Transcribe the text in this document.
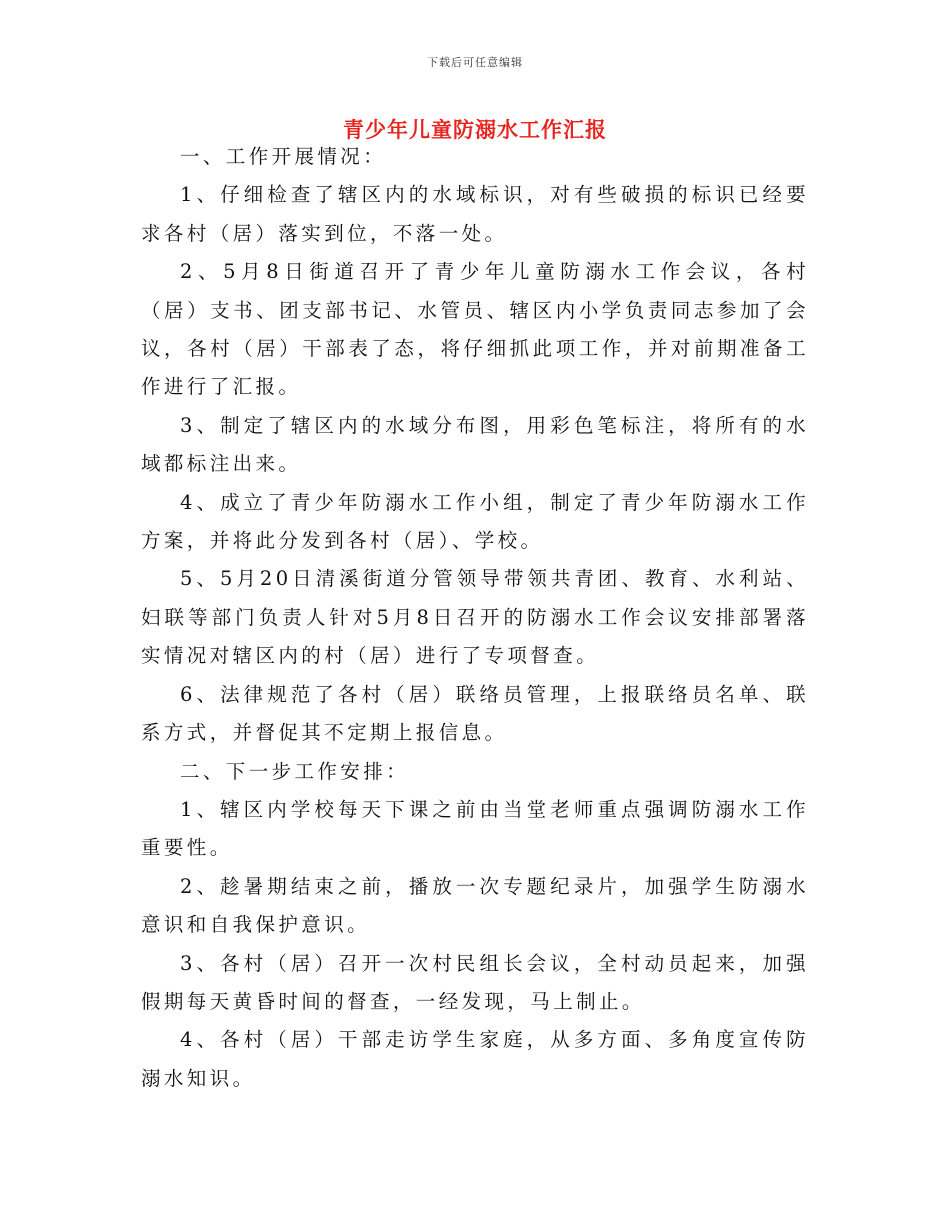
下载后可任意编辑
青少年儿童防溺水工作汇报

一、工作开展情况：

1、仔细检查了辖区内的水域标识，对有些破损的标识已经要求各村（居）落实到位，不落一处。

2、5月8日街道召开了青少年儿童防溺水工作会议，各村（居）支书、团支部书记、水管员、辖区内小学负责同志参加了会议，各村（居）干部表了态，将仔细抓此项工作，并对前期准备工作进行了汇报。

3、制定了辖区内的水域分布图，用彩色笔标注，将所有的水域都标注出来。

4、成立了青少年防溺水工作小组，制定了青少年防溺水工作方案，并将此分发到各村（居）、学校。

5、5月20日清溪街道分管领导带领共青团、教育、水利站、妇联等部门负责人针对5月8日召开的防溺水工作会议安排部署落实情况对辖区内的村（居）进行了专项督查。

6、法律规范了各村（居）联络员管理，上报联络员名单、联系方式，并督促其不定期上报信息。

二、下一步工作安排：

1、辖区内学校每天下课之前由当堂老师重点强调防溺水工作重要性。

2、趁暑期结束之前，播放一次专题纪录片，加强学生防溺水意识和自我保护意识。

3、各村（居）召开一次村民组长会议，全村动员起来，加强假期每天黄昏时间的督查，一经发现，马上制止。

4、各村（居）干部走访学生家庭，从多方面、多角度宣传防溺水知识。
